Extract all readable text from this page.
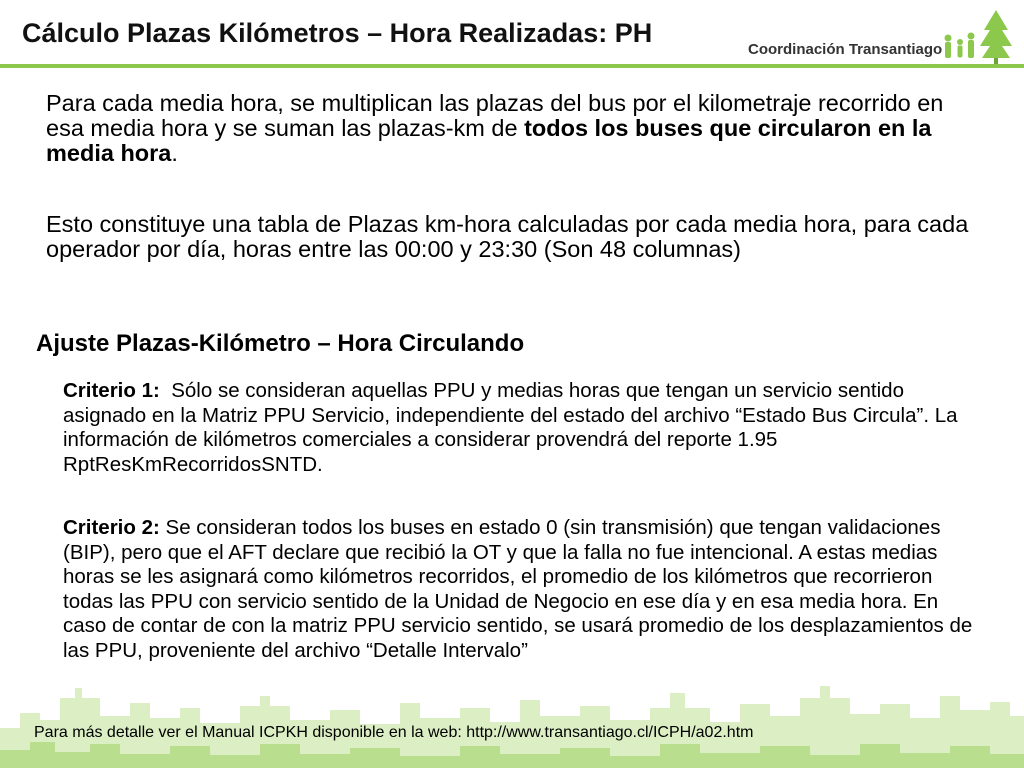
Cálculo Plazas Kilómetros – Hora Realizadas: PH
Coordinación Transantiago
Para cada media hora, se multiplican las plazas del bus por el kilometraje recorrido en esa media hora y se suman las plazas-km de todos los buses que circularon en la media hora.
Esto constituye una tabla de Plazas km-hora calculadas por cada media hora, para cada operador por día, horas entre las 00:00 y 23:30 (Son 48 columnas)
Ajuste Plazas-Kilómetro – Hora Circulando
Criterio 1:  Sólo se consideran aquellas PPU y medias horas que tengan un servicio sentido asignado en la Matriz PPU Servicio, independiente del estado del archivo “Estado Bus Circula”. La información de kilómetros comerciales a considerar provendrá del reporte 1.95 RptResKmRecorridosSNTD.
Criterio 2: Se consideran todos los buses en estado 0 (sin transmisión) que tengan validaciones (BIP), pero que el AFT declare que recibió la OT y que la falla no fue intencional. A estas medias horas se les asignará como kilómetros recorridos, el promedio de los kilómetros que recorrieron todas las PPU con servicio sentido de la Unidad de Negocio en ese día y en esa media hora. En caso de contar de con la matriz PPU servicio sentido, se usará promedio de los desplazamientos de las PPU, proveniente del archivo “Detalle Intervalo”
Para más detalle ver el Manual ICPKH disponible en la web: http://www.transantiago.cl/ICPH/a02.htm
